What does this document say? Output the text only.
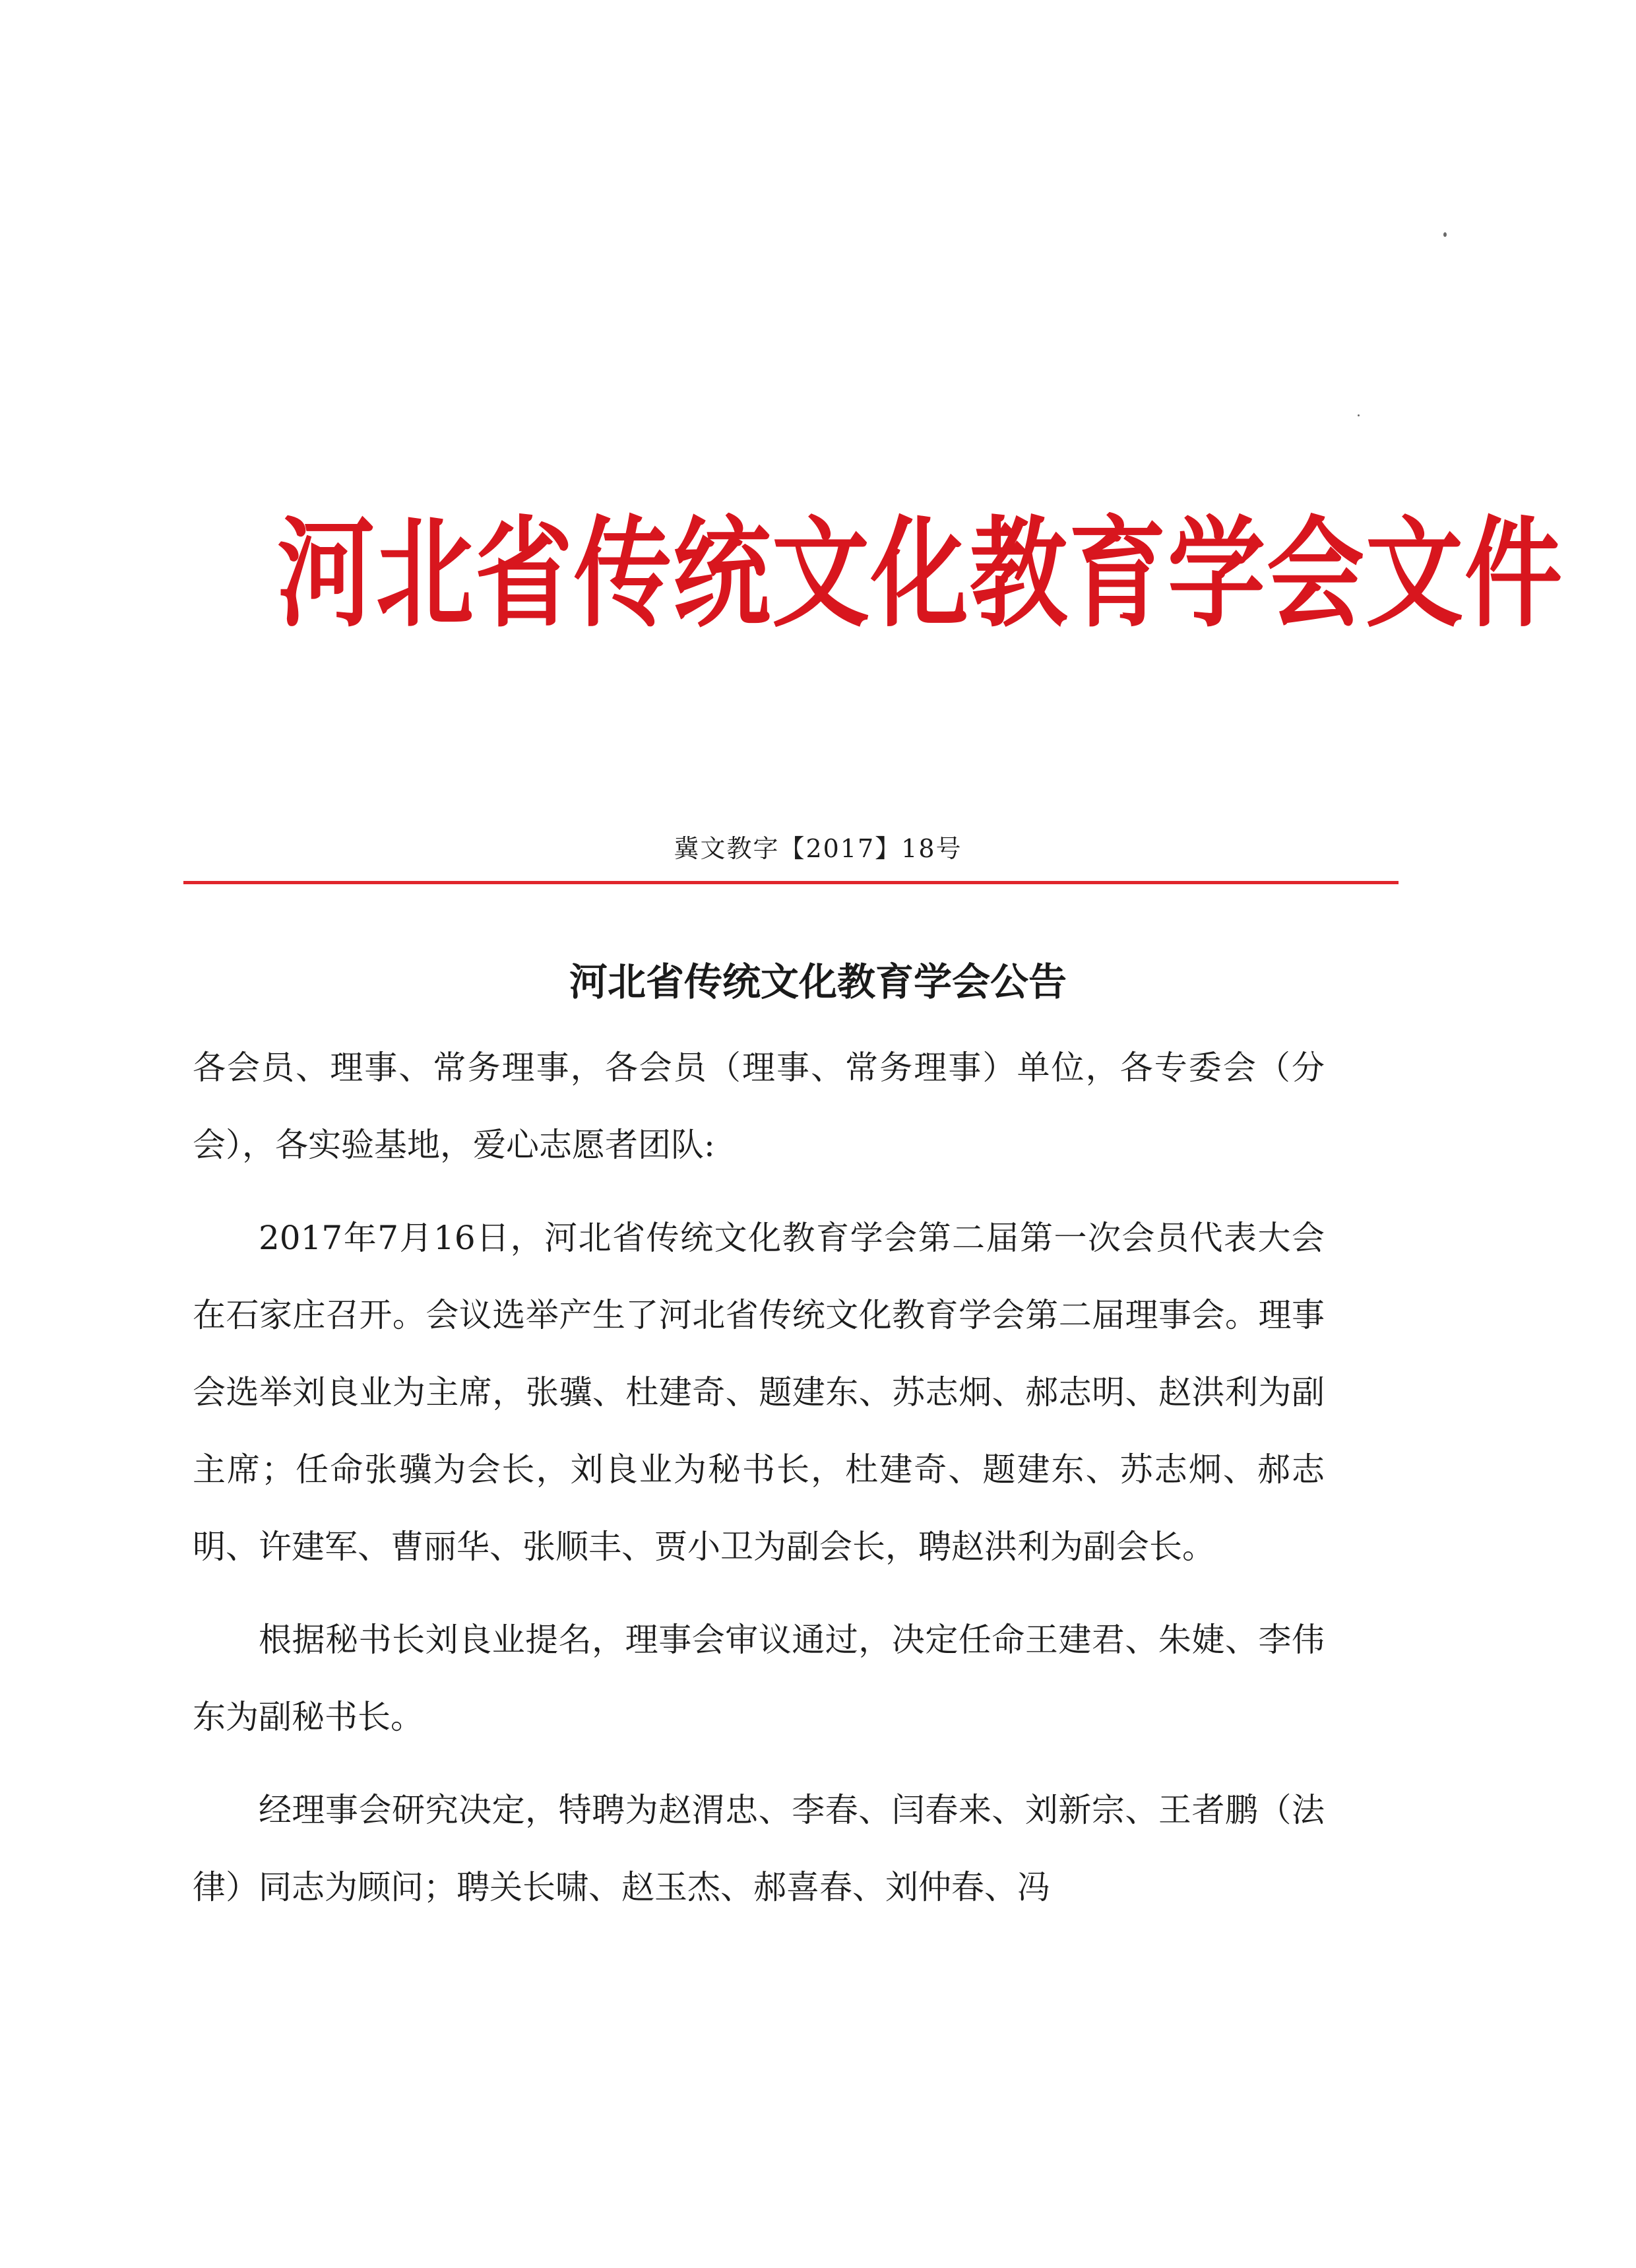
河北省传统文化教育学会文件
冀文教字【2017】18号
河北省传统文化教育学会公告

各会员、理事、常务理事，各会员（理事、常务理事）单位，各专委会（分会），各实验基地，爱心志愿者团队:

2017年7月16日，河北省传统文化教育学会第二届第一次会员代表大会在石家庄召开。会议选举产生了河北省传统文化教育学会第二届理事会。理事会选举刘良业为主席，张骥、杜建奇、题建东、苏志炯、郝志明、赵洪利为副主席；任命张骥为会长，刘良业为秘书长，杜建奇、题建东、苏志炯、郝志明、许建军、曹丽华、张顺丰、贾小卫为副会长，聘赵洪利为副会长。

根据秘书长刘良业提名，理事会审议通过，决定任命王建君、朱婕、李伟东为副秘书长。

经理事会研究决定，特聘为赵渭忠、李春、闫春来、刘新宗、王者鹏（法律）同志为顾问；聘关长啸、赵玉杰、郝喜春、刘仲春、冯
